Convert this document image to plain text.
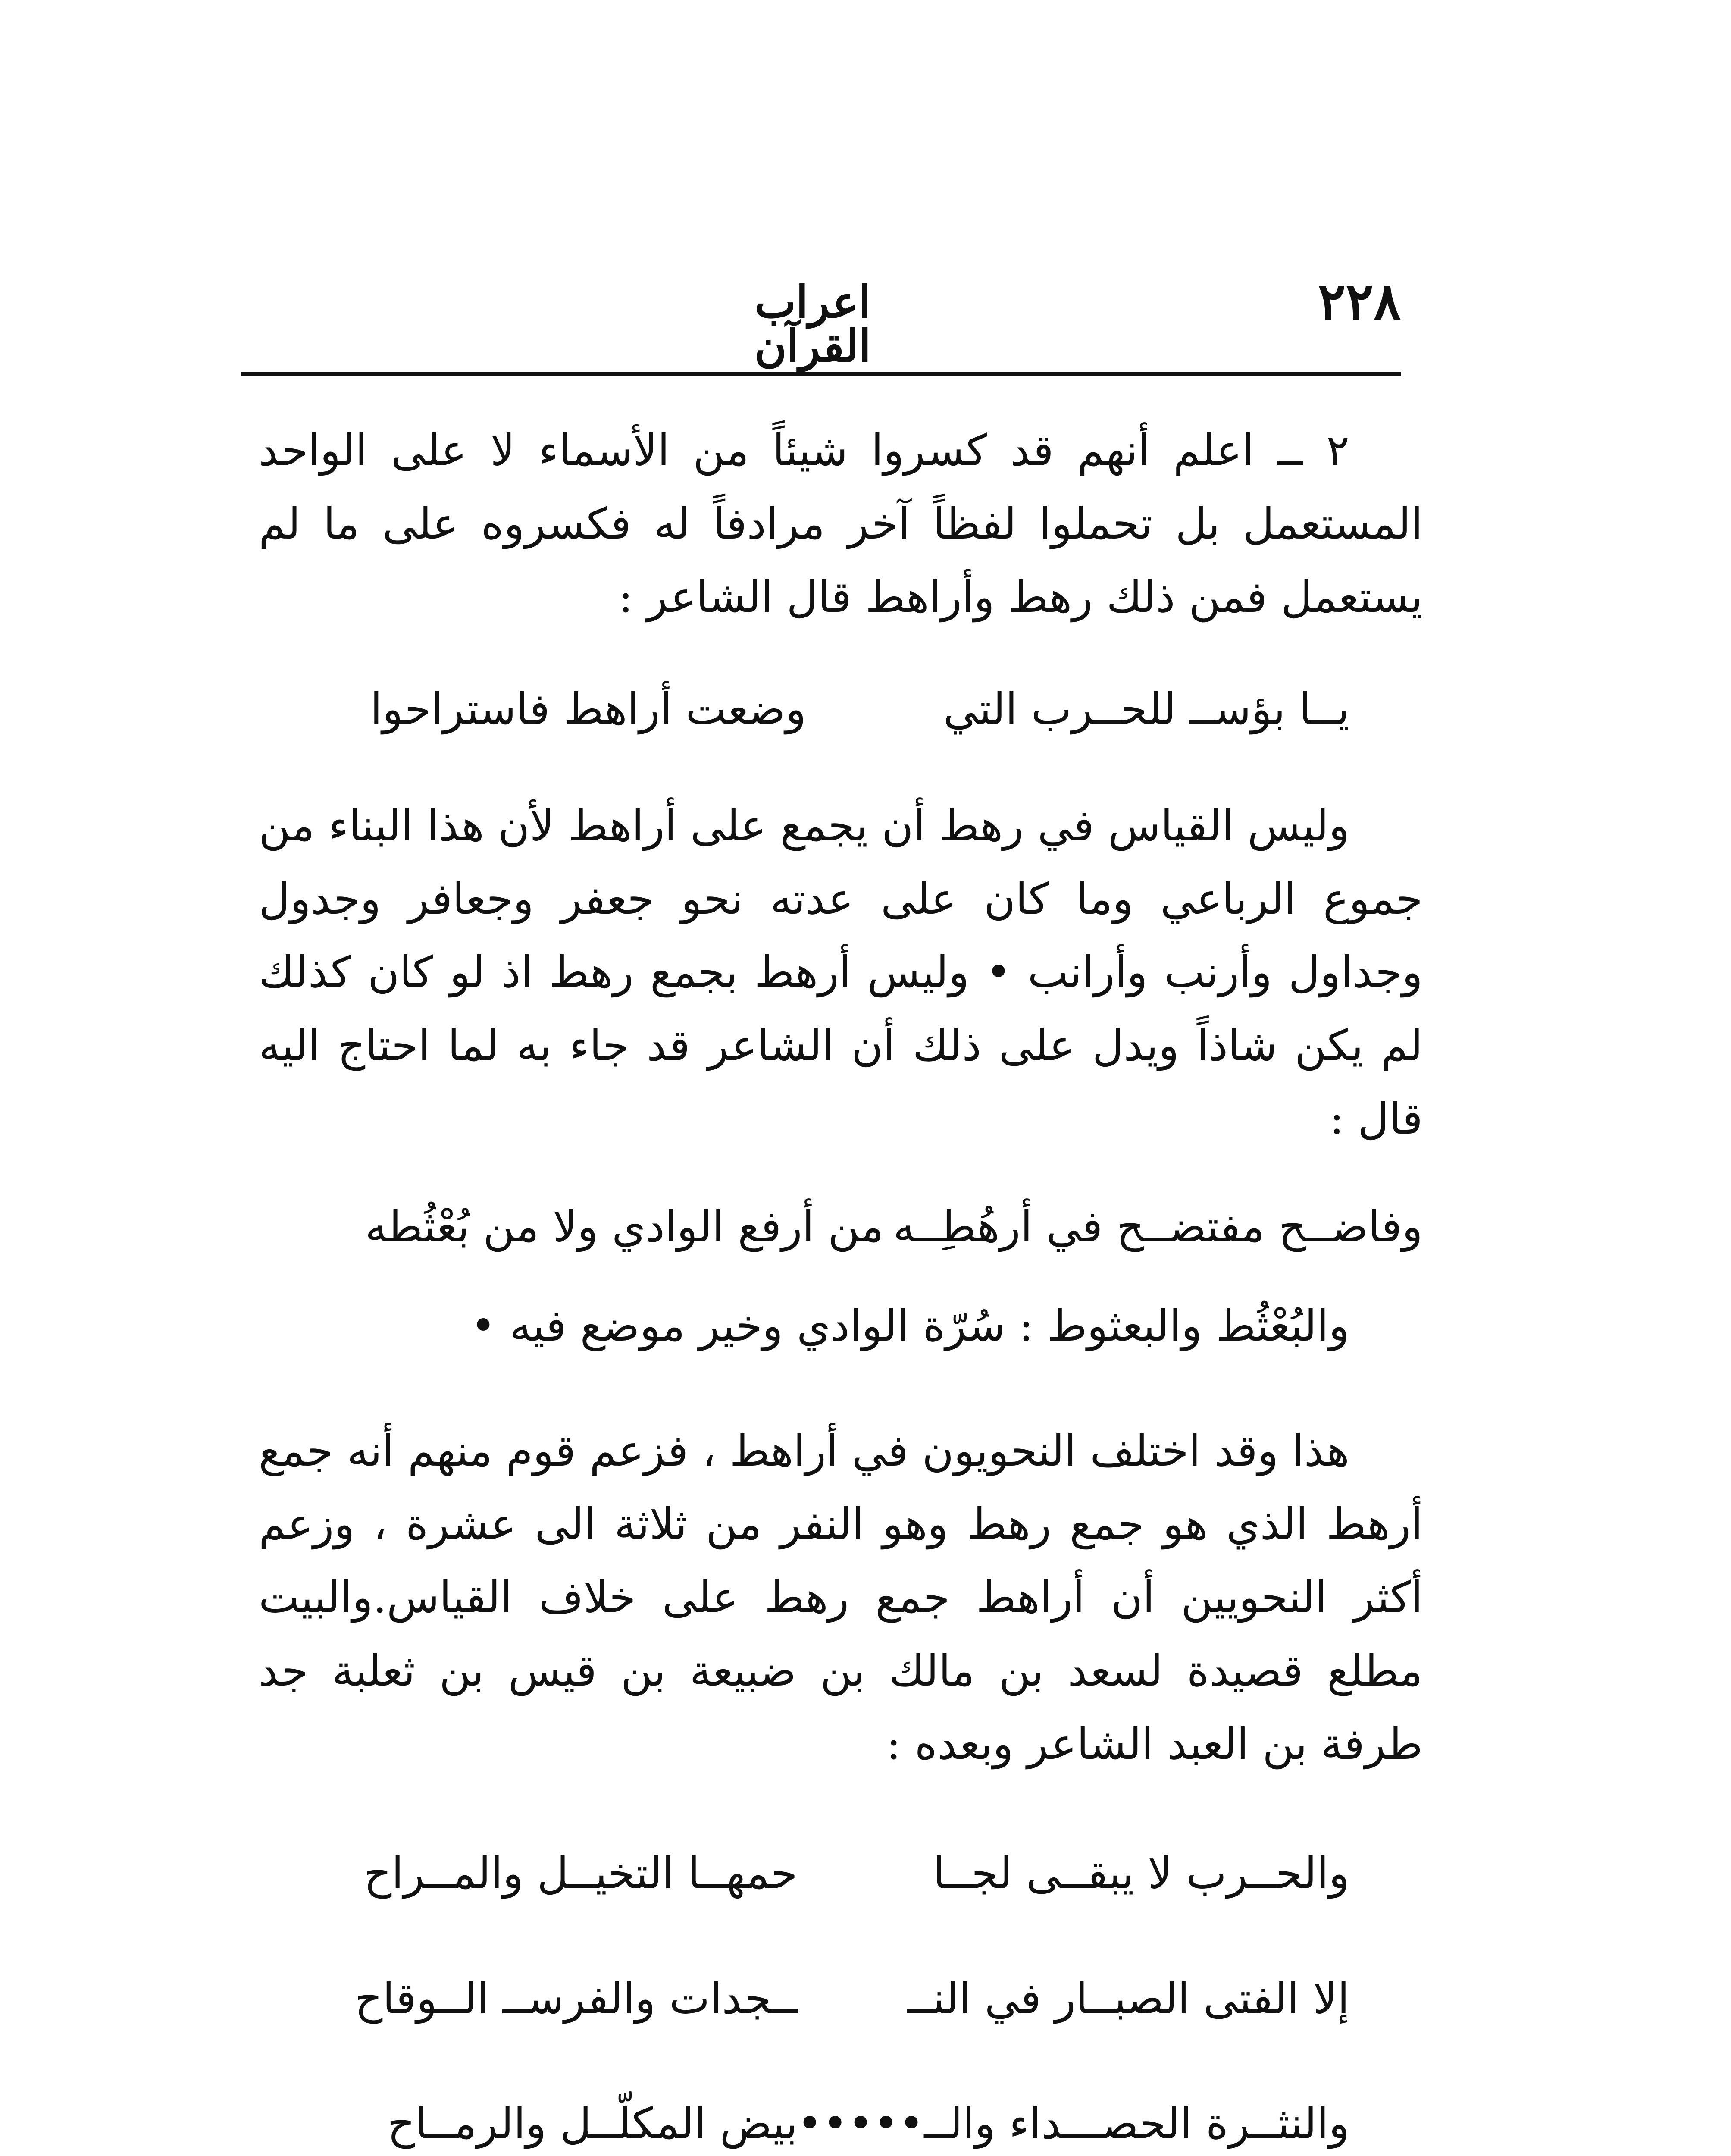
٢٢٨
اعراب القرآن

٢ ــ اعلم أنهم قد كسروا شيئاً من الأسماء لا على الواحد المستعمل بل تحملوا لفظاً آخر مرادفاً له فكسروه على ما لم يستعمل فمن ذلك رهط وأراهط قال الشاعر :

يــا بؤســ للحــرب التي
وضعت أراهط فاستراحوا

وليس القياس في رهط أن يجمع على أراهط لأن هذا البناء من جموع الرباعي وما كان على عدته نحو جعفر وجعافر وجدول وجداول وأرنب وأرانب • وليس أرهط بجمع رهط اذ لو كان كذلك لم يكن شاذاً ويدل على ذلك أن الشاعر قد جاء به لما احتاج اليه قال :

وفاضــح مفتضــح في أرهُطِــه
من أرفع الوادي ولا من بُعْثُطه

والبُعْثُط والبعثوط : سُرّة الوادي وخير موضع فيه •

هذا وقد اختلف النحويون في أراهط ، فزعم قوم منهم أنه جمع أرهط الذي هو جمع رهط وهو النفر من ثلاثة الى عشرة ، وزعم أكثر النحويين أن أراهط جمع رهط على خلاف القياس.والبيت مطلع قصيدة لسعد بن مالك بن ضبيعة بن قيس بن ثعلبة جد طرفة بن العبد الشاعر وبعده :

والحــرب لا يبقــى لجــا
حمهــا التخيــل والمــراح
إلا الفتى الصبــار في النــ
ــجدات والفرســ الــوقاح
والنثــرة الحصـــداء والــ•••••
بيض المكلّــل والرمــاح
